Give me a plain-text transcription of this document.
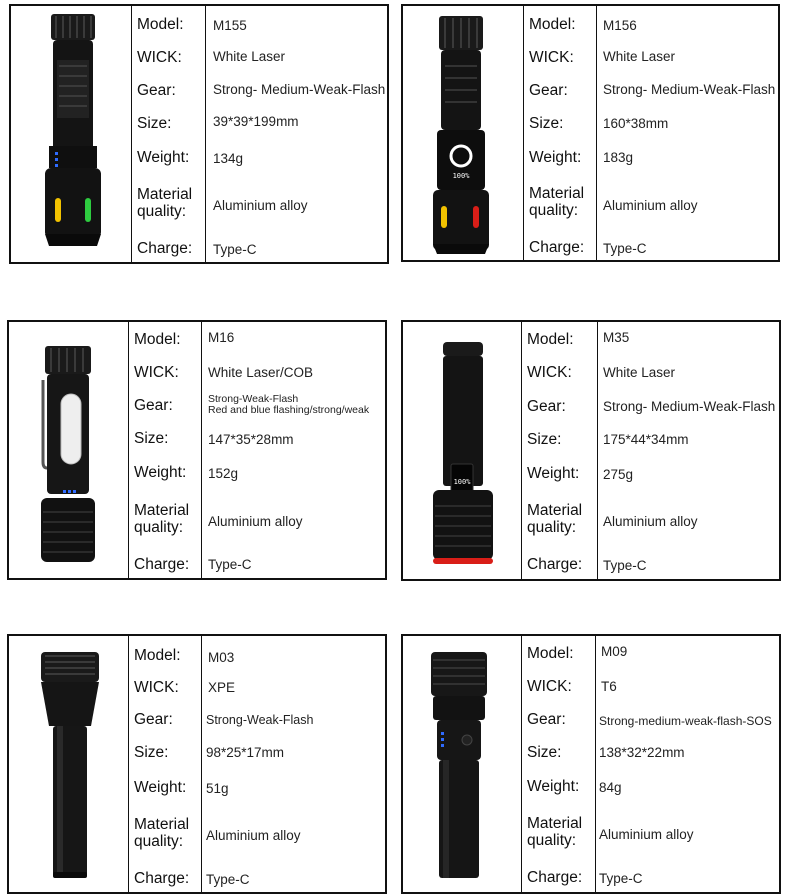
Model: M155
WICK: White Laser
Gear:	Strong- Medium-Weak-Flash
Size:	39*39*199mm
Weight: 134g
Material
quality: Aluminium alloy
Charge: Type-C
100%
Model: M156
WICK: White Laser
Gear:	Strong- Medium-Weak-Flash
Size:	160*38mm
Weight: 183g
Material
quality: Aluminium alloy
Charge: Type-C
Model: M16
WICK: White Laser/COB
Gear:	Strong-Weak-Flash
Red and blue flashing/strong/weak
Size:	147*35*28mm
Weight: 152g
Material
quality: Aluminium alloy
Charge: Type-C
100%
Model: M35
WICK: White Laser
Gear:	Strong- Medium-Weak-Flash
Size:	175*44*34mm
Weight: 275g
Material
quality: Aluminium alloy
Charge: Type-C
Model: M03
WICK: XPE
Gear:	Strong-Weak-Flash
Size:	98*25*17mm
Weight: 51g
Material
quality: Aluminium alloy
Charge: Type-C
Model: M09
WICK: T6
Gear:	Strong-medium-weak-flash-SOS
Size:	138*32*22mm
Weight: 84g
Material
quality: Aluminium alloy
Charge: Type-C
